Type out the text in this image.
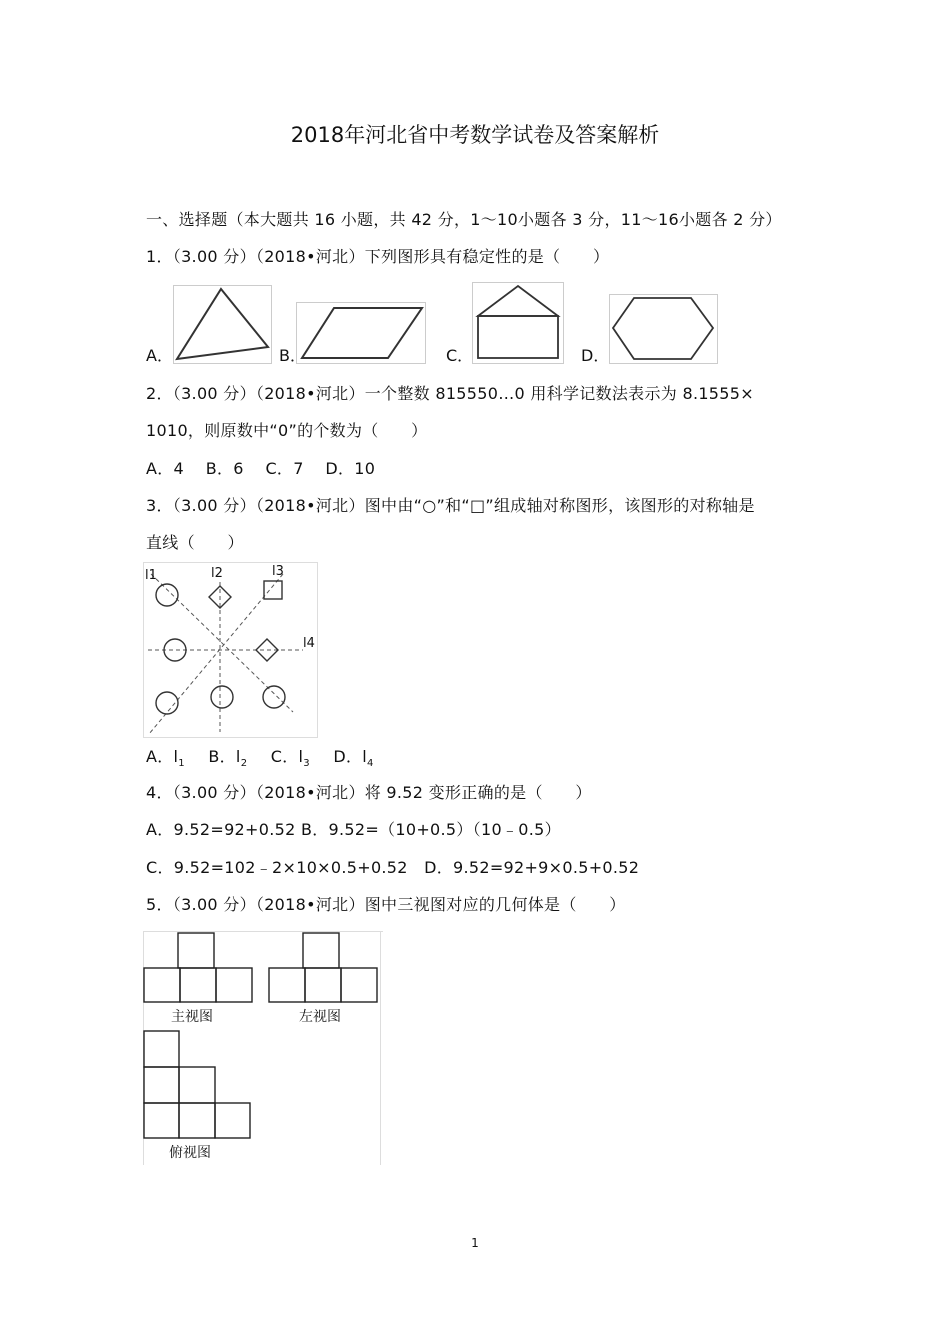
2018年河北省中考数学试卷及答案解析
一、选择题（本大题共 16 小题，共 42 分，1～10小题各 3 分，11～16小题各 2 分）
1．（3.00 分）（2018•河北）下列图形具有稳定性的是（　　）
A．	B．	C．	D．
2．（3.00 分）（2018•河北）一个整数 815550…0 用科学记数法表示为 8.1555×
1010，则原数中“0”的个数为（　　）
A．4　 B．6　 C．7　 D．10
3．（3.00 分）（2018•河北）图中由“○”和“□”组成轴对称图形，该图形的对称轴是
直线（　　）
l1	l2	l3
l4
A．$l_1$ B．$l_2$ C．$l_3$ D．$l_4$
4．（3.00 分）（2018•河北）将 9.52 变形正确的是（　　）
A．9.52=92+0.52 B．9.52=（10+0.5）（10﹣0.5）
C．9.52=102﹣2×10×0.5+0.52　D．9.52=92+9×0.5+0.52
5．（3.00 分）（2018•河北）图中三视图对应的几何体是（　　）
主视图	左视图
俯视图
1
